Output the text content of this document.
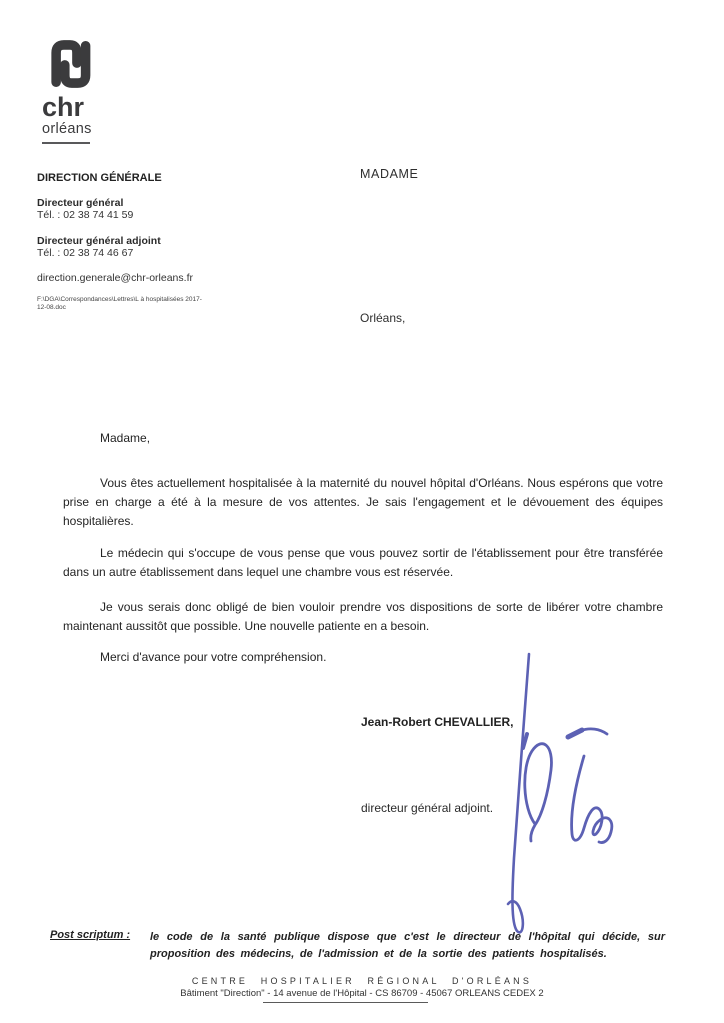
chr
orléans
DIRECTION GÉNÉRALE
Directeur général
Tél. : 02 38 74 41 59
Directeur général adjoint
Tél. : 02 38 74 46 67
direction.generale@chr-orleans.fr
F:\DGA\Correspondances\Lettres\L à hospitalisées 2017-12-08.doc
MADAME
Orléans,

Madame,

Vous êtes actuellement hospitalisée à la maternité du nouvel hôpital d'Orléans. Nous espérons que votre prise en charge a été à la mesure de vos attentes. Je sais l'engagement et le dévouement des équipes hospitalières.

Le médecin qui s'occupe de vous pense que vous pouvez sortir de l'établissement pour être transférée dans un autre établissement dans lequel une chambre vous est réservée.

Je vous serais donc obligé de bien vouloir prendre vos dispositions de sorte de libérer votre chambre maintenant aussitôt que possible. Une nouvelle patiente en a besoin.

Merci d'avance pour votre compréhension.

Jean-Robert CHEVALLIER,
directeur général adjoint.
Post scriptum : le code de la santé publique dispose que c'est le directeur de l'hôpital qui décide, sur proposition des médecins, de l'admission et de la sortie des patients hospitalisés.
CENTRE HOSPITALIER RÉGIONAL D'ORLÉANS
Bâtiment "Direction" - 14 avenue de l'Hôpital - CS 86709 - 45067 ORLEANS CEDEX 2
